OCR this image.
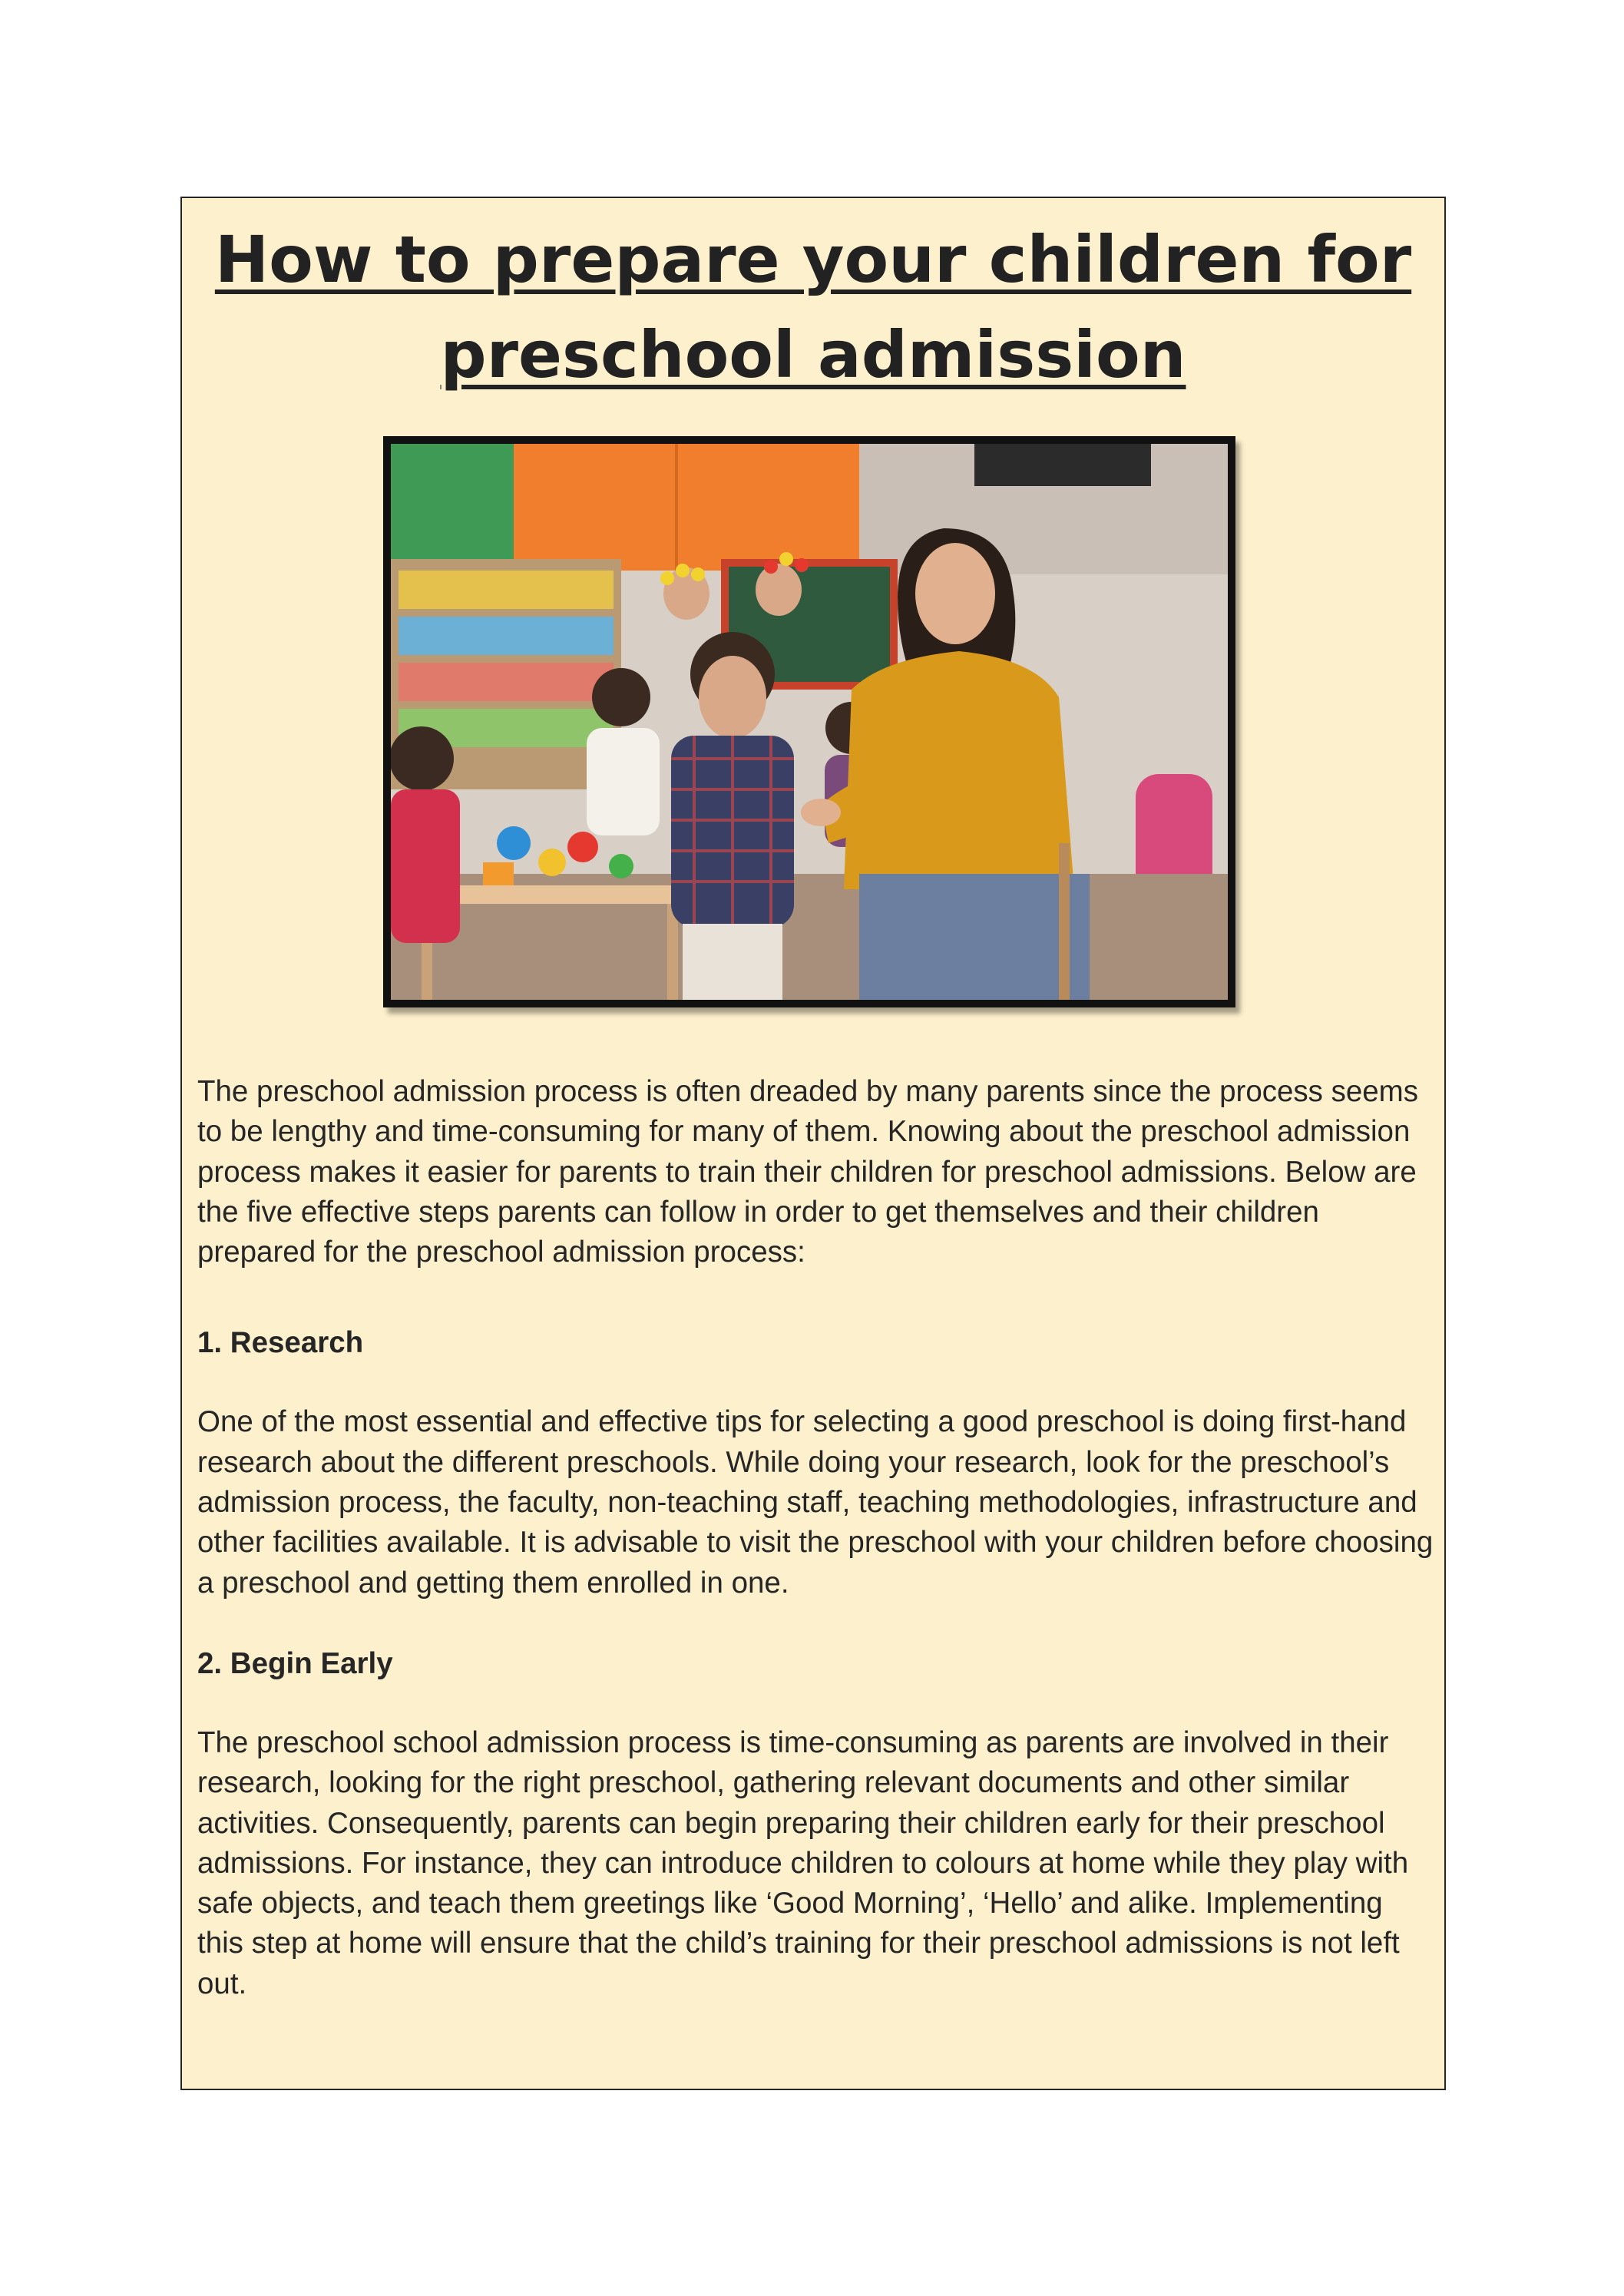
How to prepare your children for preschool admission

The preschool admission process is often dreaded by many parents since the process seems to be lengthy and time-consuming for many of them. Knowing about the preschool admission process makes it easier for parents to train their children for preschool admissions. Below are the five effective steps parents can follow in order to get themselves and their children prepared for the preschool admission process:

1. Research

One of the most essential and effective tips for selecting a good preschool is doing first-hand research about the different preschools. While doing your research, look for the preschool’s admission process, the faculty, non-teaching staff, teaching methodologies, infrastructure and other facilities available. It is advisable to visit the preschool with your children before choosing a preschool and getting them enrolled in one.

2. Begin Early

The preschool school admission process is time-consuming as parents are involved in their research, looking for the right preschool, gathering relevant documents and other similar activities. Consequently, parents can begin preparing their children early for their preschool admissions. For instance, they can introduce children to colours at home while they play with safe objects, and teach them greetings like ‘Good Morning’, ‘Hello’ and alike. Implementing this step at home will ensure that the child’s training for their preschool admissions is not left out.
